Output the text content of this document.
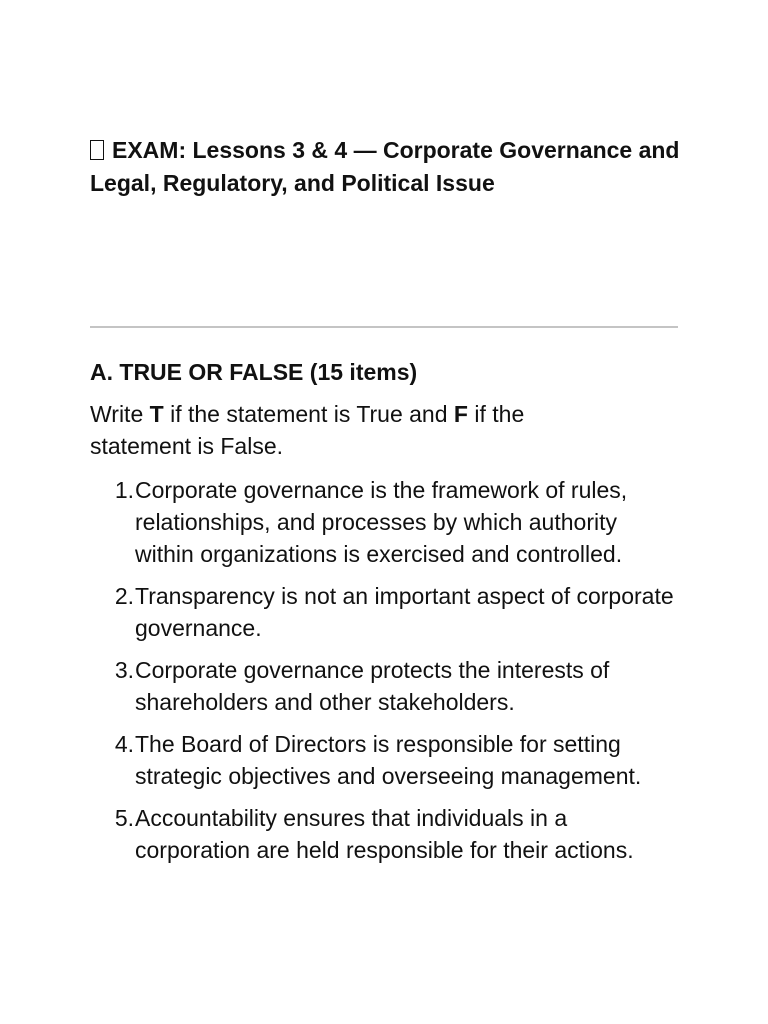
EXAM: Lessons 3 & 4 — Corporate Governance and Legal, Regulatory, and Political Issue
A. TRUE OR FALSE (15 items)
Write T if the statement is True and F if the statement is False.
1. Corporate governance is the framework of rules, relationships, and processes by which authority within organizations is exercised and controlled.
2. Transparency is not an important aspect of corporate governance.
3. Corporate governance protects the interests of shareholders and other stakeholders.
4. The Board of Directors is responsible for setting strategic objectives and overseeing management.
5. Accountability ensures that individuals in a corporation are held responsible for their actions.
